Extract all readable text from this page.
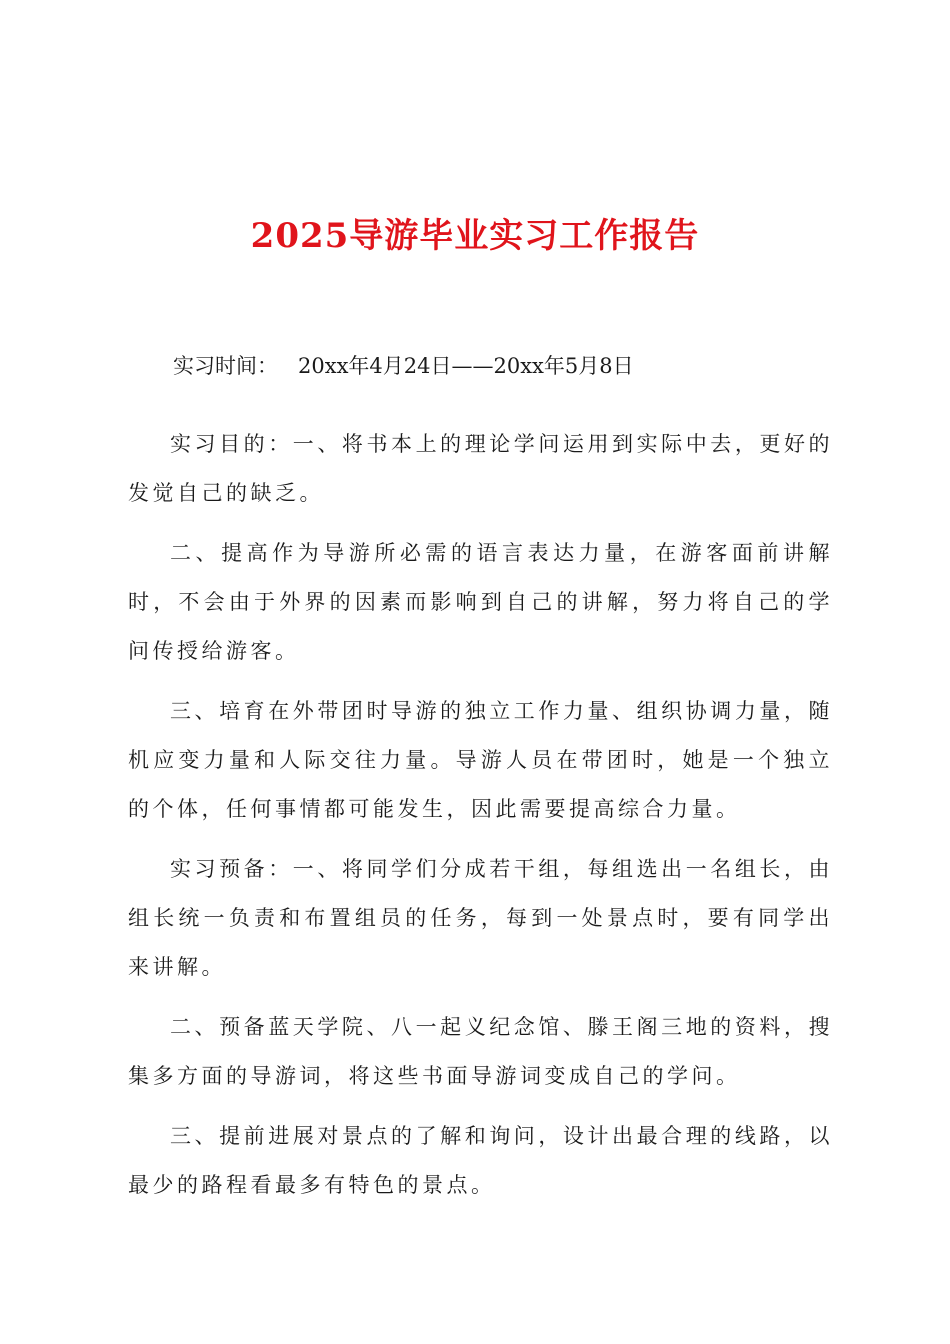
2025导游毕业实习工作报告
实习时间： 20xx年4月24日——20xx年5月8日

实习目的：一、将书本上的理论学问运用到实际中去，更好的发觉自己的缺乏。

二、提高作为导游所必需的语言表达力量，在游客面前讲解时，不会由于外界的因素而影响到自己的讲解，努力将自己的学问传授给游客。

三、培育在外带团时导游的独立工作力量、组织协调力量，随机应变力量和人际交往力量。导游人员在带团时，她是一个独立的个体，任何事情都可能发生，因此需要提高综合力量。

实习预备：一、将同学们分成若干组，每组选出一名组长，由组长统一负责和布置组员的任务，每到一处景点时，要有同学出来讲解。

二、预备蓝天学院、八一起义纪念馆、滕王阁三地的资料，搜集多方面的导游词，将这些书面导游词变成自己的学问。

三、提前进展对景点的了解和询问，设计出最合理的线路，以最少的路程看最多有特色的景点。
